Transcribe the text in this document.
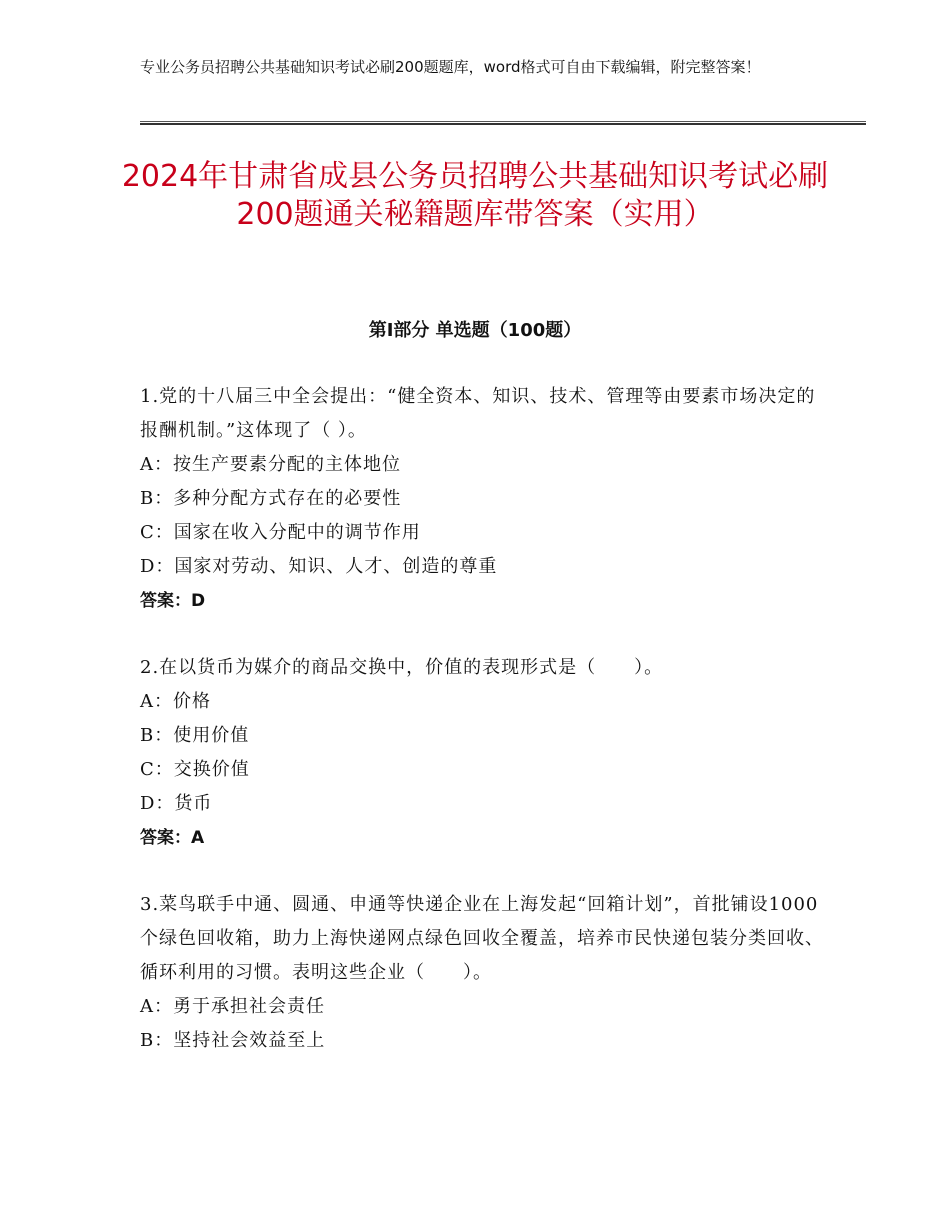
专业公务员招聘公共基础知识考试必刷200题题库，word格式可自由下载编辑，附完整答案！
2024年甘肃省成县公务员招聘公共基础知识考试必刷200题通关秘籍题库带答案（实用）
第Ⅰ部分 单选题（100题）
1.党的十八届三中全会提出：“健全资本、知识、技术、管理等由要素市场决定的报酬机制。”这体现了（ ）。
A：按生产要素分配的主体地位
B：多种分配方式存在的必要性
C：国家在收入分配中的调节作用
D：国家对劳动、知识、人才、创造的尊重
答案：D
2.在以货币为媒介的商品交换中，价值的表现形式是（　　）。
A：价格
B：使用价值
C：交换价值
D：货币
答案：A
3.菜鸟联手中通、圆通、申通等快递企业在上海发起“回箱计划”，首批铺设1000个绿色回收箱，助力上海快递网点绿色回收全覆盖，培养市民快递包装分类回收、循环利用的习惯。表明这些企业（　　）。
A：勇于承担社会责任
B：坚持社会效益至上
